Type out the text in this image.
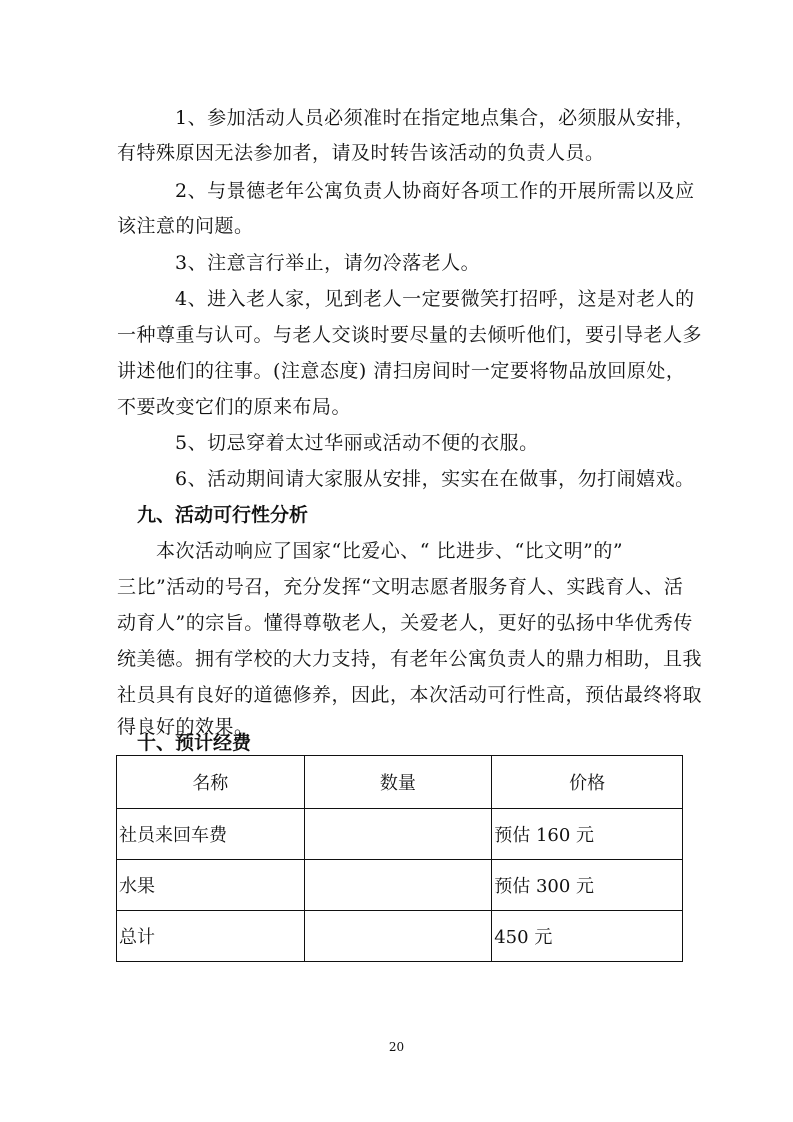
1、参加活动人员必须准时在指定地点集合，必须服从安排，
有特殊原因无法参加者，请及时转告该活动的负责人员。
2、与景德老年公寓负责人协商好各项工作的开展所需以及应
该注意的问题。
3、注意言行举止，请勿冷落老人。
4、进入老人家，见到老人一定要微笑打招呼，这是对老人的
一种尊重与认可。与老人交谈时要尽量的去倾听他们，要引导老人多
讲述他们的往事。(注意态度) 清扫房间时一定要将物品放回原处，
不要改变它们的原来布局。
5、切忌穿着太过华丽或活动不便的衣服。
6、活动期间请大家服从安排，实实在在做事，勿打闹嬉戏。
九、活动可行性分析
本次活动响应了国家“比爱心、“ 比进步、“比文明”的”
三比”活动的号召，充分发挥“文明志愿者服务育人、实践育人、活
动育人”的宗旨。懂得尊敬老人，关爱老人，更好的弘扬中华优秀传
统美德。拥有学校的大力支持，有老年公寓负责人的鼎力相助，且我
社员具有良好的道德修养，因此，本次活动可行性高，预估最终将取
得良好的效果。
十、预计经费
名称	数量	价格
社员来回车费		预估 160 元
水果		预估 300 元
总计		450 元
20
